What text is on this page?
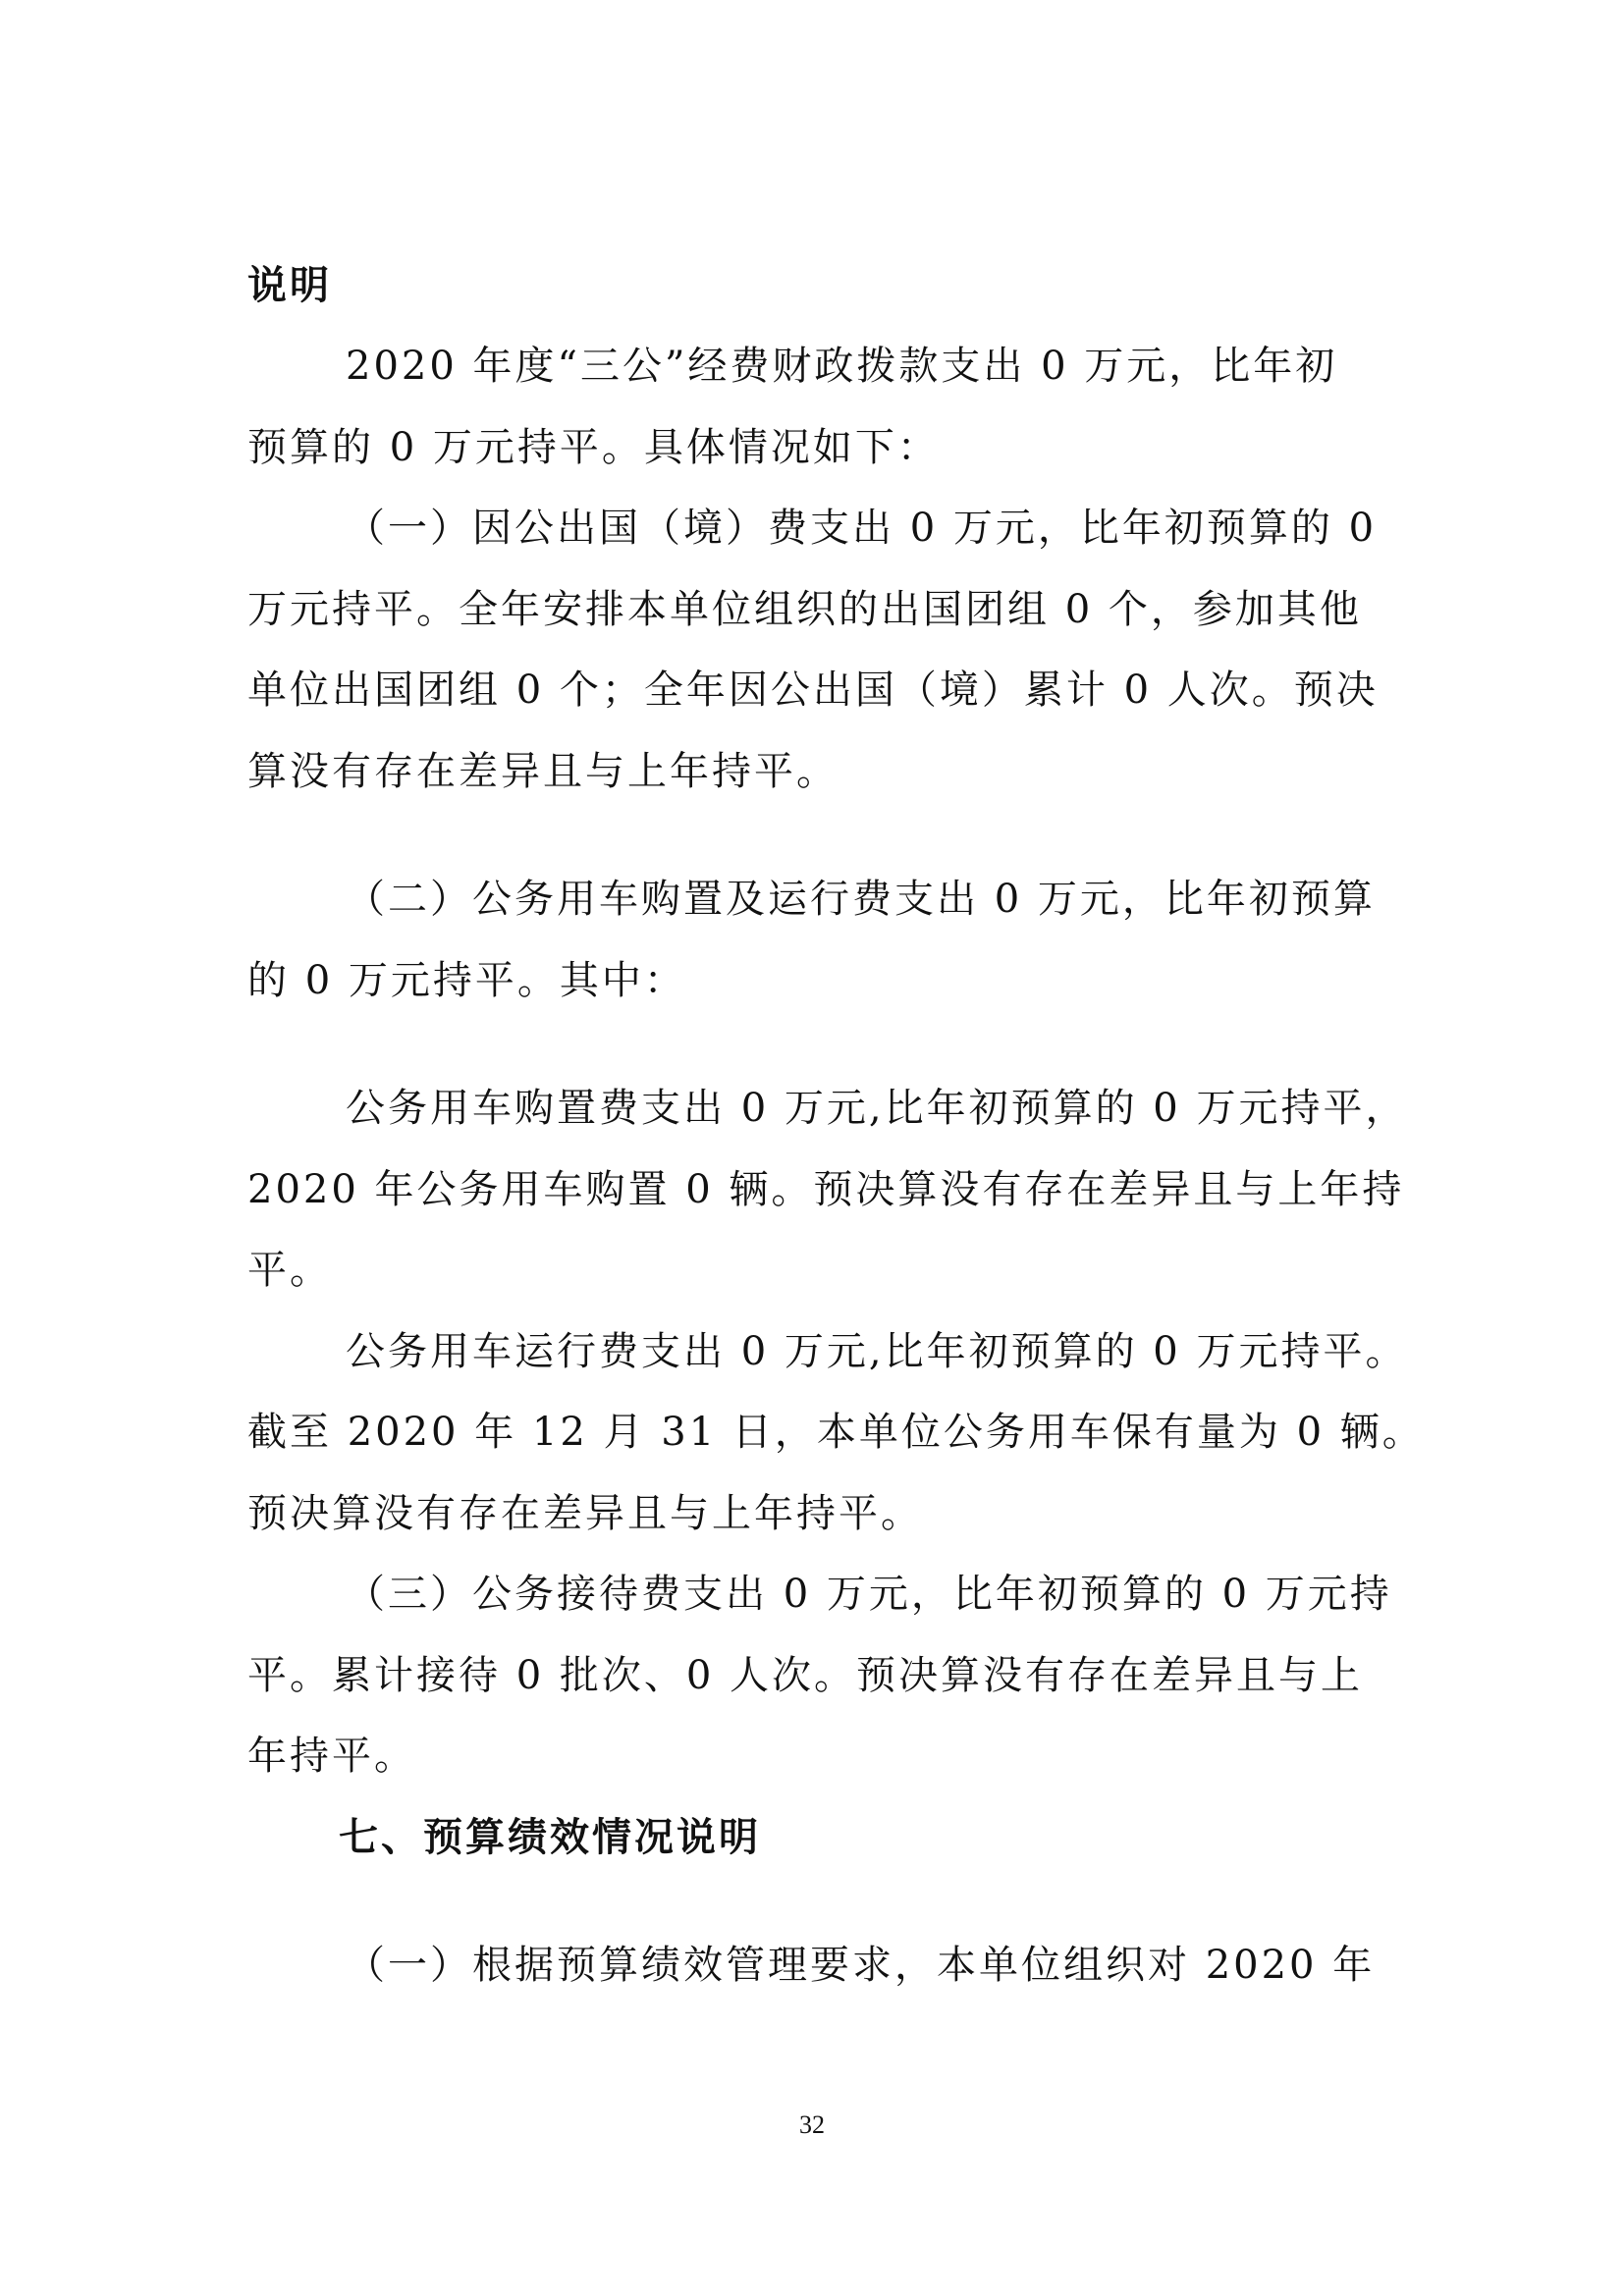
说明
2020 年度“三公”经费财政拨款支出 0 万元，比年初
预算的 0 万元持平。具体情况如下：
（一）因公出国（境）费支出 0 万元，比年初预算的 0
万元持平。全年安排本单位组织的出国团组 0 个，参加其他
单位出国团组 0 个；全年因公出国（境）累计 0 人次。预决
算没有存在差异且与上年持平。
（二）公务用车购置及运行费支出 0 万元，比年初预算
的 0 万元持平。其中：
公务用车购置费支出 0 万元,比年初预算的 0 万元持平，
2020 年公务用车购置 0 辆。预决算没有存在差异且与上年持
平。
公务用车运行费支出 0 万元,比年初预算的 0 万元持平。
截至 2020 年 12 月 31 日，本单位公务用车保有量为 0 辆。
预决算没有存在差异且与上年持平。
（三）公务接待费支出 0 万元，比年初预算的 0 万元持
平。累计接待 0 批次、0 人次。预决算没有存在差异且与上
年持平。
七、预算绩效情况说明
（一）根据预算绩效管理要求，本单位组织对 2020 年
32
